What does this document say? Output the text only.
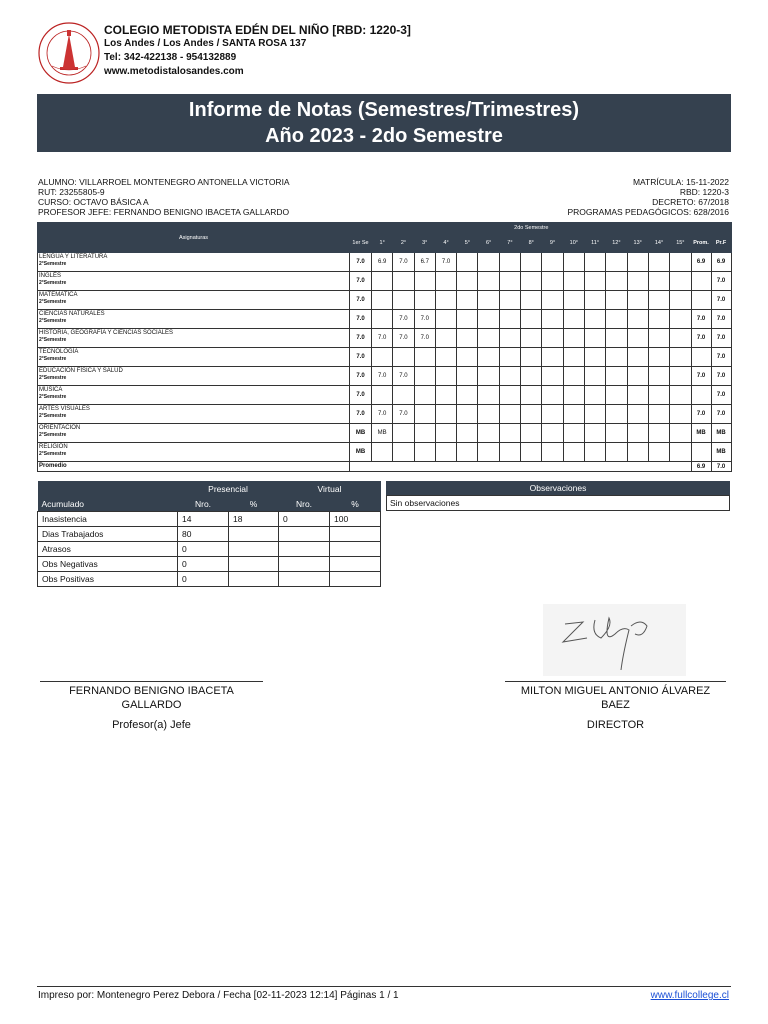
COLEGIO METODISTA EDÉN DEL NIÑO [RBD: 1220-3]
Los Andes / Los Andes / SANTA ROSA 137
Tel: 342-422138 - 954132889
www.metodistalosandes.com
Informe de Notas (Semestres/Trimestres)
Año 2023 - 2do Semestre
ALUMNO: VILLARROEL MONTENEGRO ANTONELLA VICTORIA
RUT: 23255805-9
CURSO: OCTAVO BÁSICA A
PROFESOR JEFE: FERNANDO BENIGNO IBACETA GALLARDO
MATRÍCULA: 15-11-2022
RBD: 1220-3
DECRETO: 67/2018
PROGRAMAS PEDAGÓGICOS: 628/2016
Asignaturas		2do Semestre																
	1er Se	1°	2°	3°	4°	5°	6°	7°	8°	9°	10°	11°	12°	13°	14°	15°	Prom.	Pr.F

LENGUA Y LITERATURA
2°Semestre	7.0	6.9	7.0	6.7	7.0												6.9	6.9

INGLÉS
2°Semestre	7.0																	7.0

MATEMATICA
2°Semestre	7.0																	7.0

CIENCIAS NATURALES
2°Semestre	7.0		7.0	7.0													7.0	7.0

HISTORIA, GEOGRAFÍA Y CIENCIAS SOCIALES
2°Semestre	7.0	7.0	7.0	7.0													7.0	7.0

TECNOLOGÍA
2°Semestre	7.0																	7.0

EDUCACIÓN FÍSICA Y SALUD
2°Semestre	7.0	7.0	7.0														7.0	7.0

MÚSICA
2°Semestre	7.0																	7.0

ARTES VISUALES
2°Semestre	7.0	7.0	7.0														7.0	7.0

ORIENTACION
2°Semestre	MB	MB															MB	MB

RELIGIÓN
2°Semestre	MB																	MB
Promedio																	6.9	7.0
	Presencial		Virtual	
Acumulado	Nro.	%	Nro.	%
Inasistencia	14	18	0	100
Dias Trabajados	80			
Atrasos	0			
Obs Negativas	0			
Obs Positivas	0			
Observaciones
Sin observaciones
FERNANDO BENIGNO IBACETA
GALLARDO
Profesor(a) Jefe
MILTON MIGUEL ANTONIO ÁLVAREZ
BAEZ
DIRECTOR
Impreso por: Montenegro Perez Debora / Fecha [02-11-2023 12:14] Páginas 1 / 1	www.fullcollege.cl
